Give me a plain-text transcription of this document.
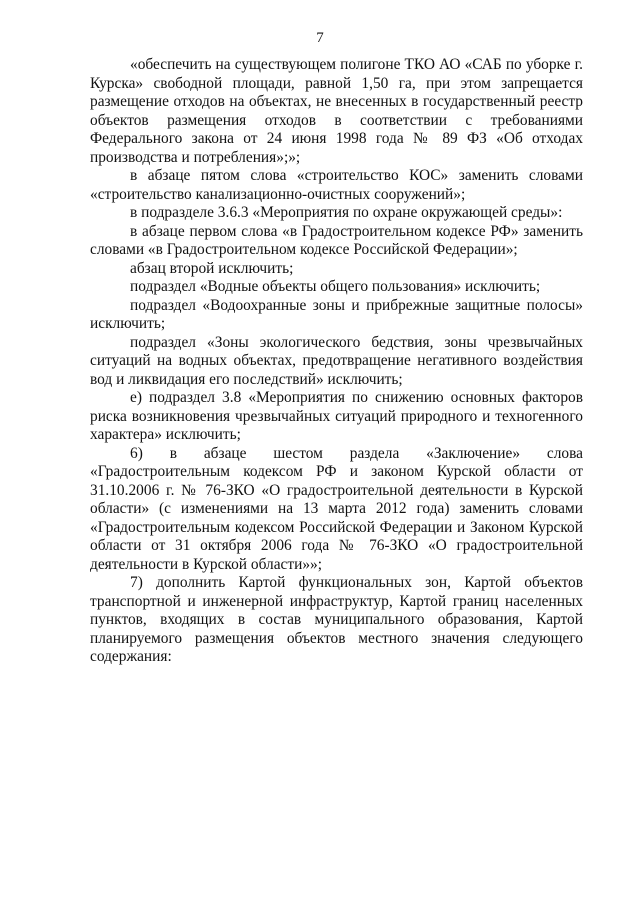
7

«обеспечить на существующем полигоне ТКО АО «САБ по уборке г. Курска» свободной площади, равной 1,50 га, при этом запрещается размещение отходов на объектах, не внесенных в государственный реестр объектов размещения отходов в соответствии с требованиями Федерального закона от 24 июня 1998 года № 89 ФЗ «Об отходах производства и потребления»;»;

в абзаце пятом слова «строительство КОС» заменить словами «строительство канализационно-очистных сооружений»;

в подразделе 3.6.3 «Мероприятия по охране окружающей среды»:

в абзаце первом слова «в Градостроительном кодексе РФ» заменить словами «в Градостроительном кодексе Российской Федерации»;

абзац второй исключить;

подраздел «Водные объекты общего пользования» исключить;

подраздел «Водоохранные зоны и прибрежные защитные полосы» исключить;

подраздел «Зоны экологического бедствия, зоны чрезвычайных ситуаций на водных объектах, предотвращение негативного воздействия вод и ликвидация его последствий» исключить;

е) подраздел 3.8 «Мероприятия по снижению основных факторов риска возникновения чрезвычайных ситуаций природного и техногенного характера» исключить;

6) в абзаце шестом раздела «Заключение» слова «Градостроительным кодексом РФ и законом Курской области от 31.10.2006 г. № 76-ЗКО «О градостроительной деятельности в Курской области» (с изменениями на 13 марта 2012 года) заменить словами «Градостроительным кодексом Российской Федерации и Законом Курской области от 31 октября 2006 года № 76-ЗКО «О градостроительной деятельности в Курской области»»;

7) дополнить Картой функциональных зон, Картой объектов транспортной и инженерной инфраструктур, Картой границ населенных пунктов, входящих в состав муниципального образования, Картой планируемого размещения объектов местного значения следующего содержания:
